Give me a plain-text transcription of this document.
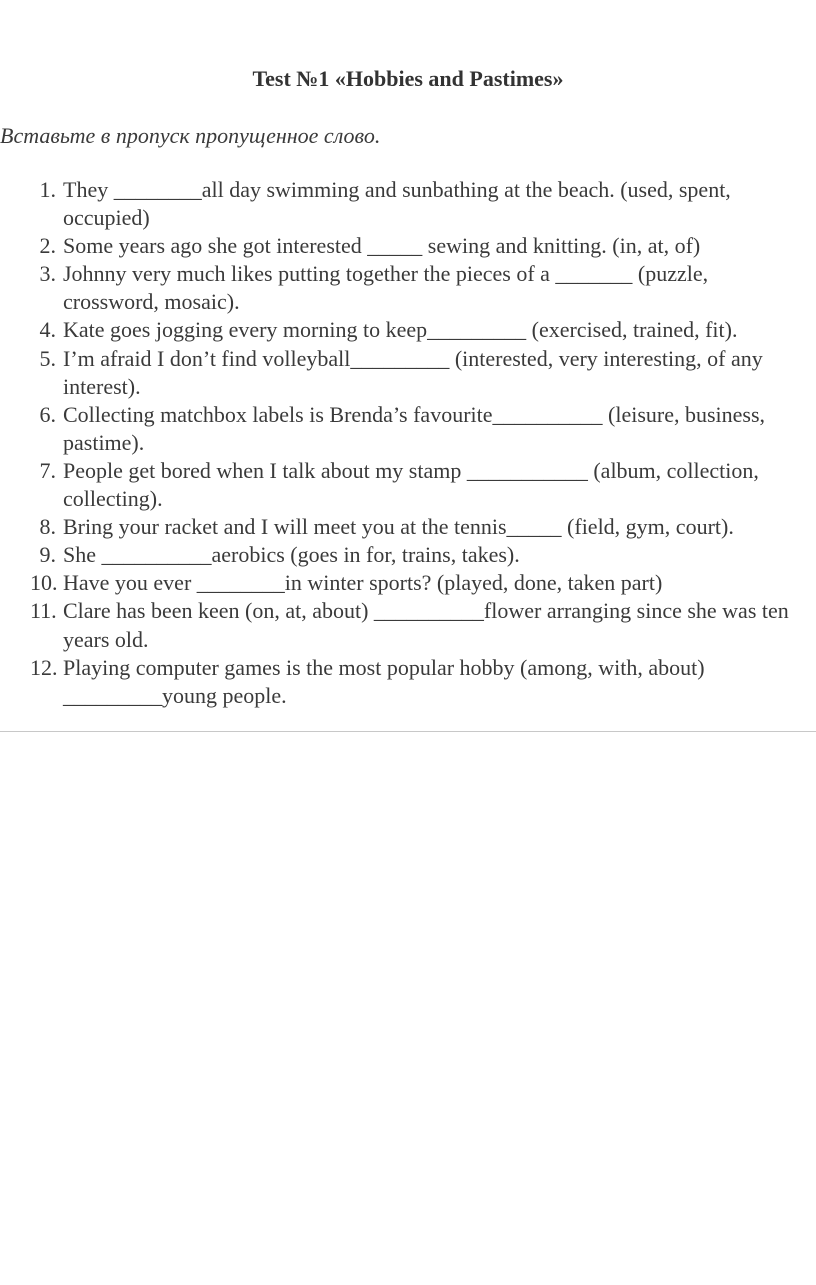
Test №1 «Hobbies and Pastimes»
Вставьте в пропуск пропущенное слово.
1. They ________all day swimming and sunbathing at the beach. (used, spent, occupied)
2. Some years ago she got interested _____ sewing and knitting. (in, at, of)
3. Johnny very much likes putting together the pieces of a _______ (puzzle, crossword, mosaic).
4. Kate goes jogging every morning to keep_________ (exercised, trained, fit).
5. I’m afraid I don’t find volleyball_________ (interested, very interesting, of any interest).
6. Collecting matchbox labels is Brenda’s favourite__________ (leisure, business, pastime).
7. People get bored when I talk about my stamp ___________ (album, collection, collecting).
8. Bring your racket and I will meet you at the tennis_____ (field, gym, court).
9. She __________aerobics (goes in for, trains, takes).
10. Have you ever ________in winter sports? (played, done, taken part)
11. Clare has been keen (on, at, about) __________flower arranging since she was ten years old.
12. Playing computer games is the most popular hobby (among, with, about) _________young people.
